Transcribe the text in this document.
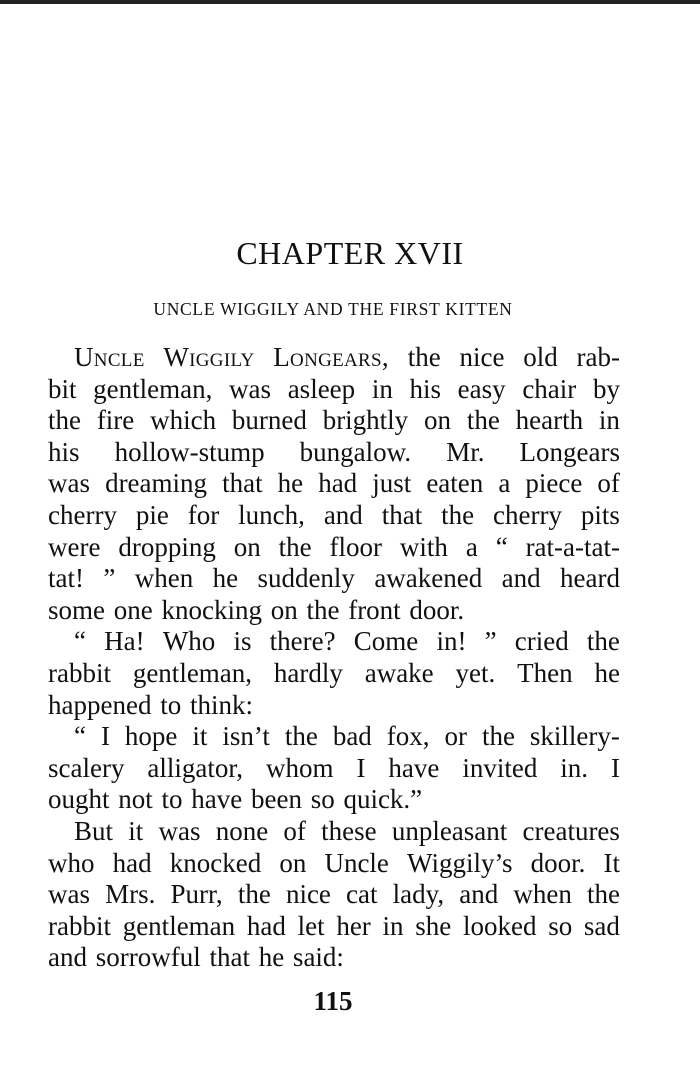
CHAPTER XVII
UNCLE WIGGILY AND THE FIRST KITTEN
Uncle Wiggily Longears, the nice old rab-
bit gentleman, was asleep in his easy chair by
the fire which burned brightly on the hearth in
his hollow-stump bungalow. Mr. Longears
was dreaming that he had just eaten a piece of
cherry pie for lunch, and that the cherry pits
were dropping on the floor with a “ rat-a-tat-
tat! ” when he suddenly awakened and heard
some one knocking on the front door.
“ Ha! Who is there? Come in! ” cried the
rabbit gentleman, hardly awake yet. Then he
happened to think:
“ I hope it isn’t the bad fox, or the skillery-
scalery alligator, whom I have invited in. I
ought not to have been so quick.”
But it was none of these unpleasant creatures
who had knocked on Uncle Wiggily’s door. It
was Mrs. Purr, the nice cat lady, and when the
rabbit gentleman had let her in she looked so sad
and sorrowful that he said:
115
